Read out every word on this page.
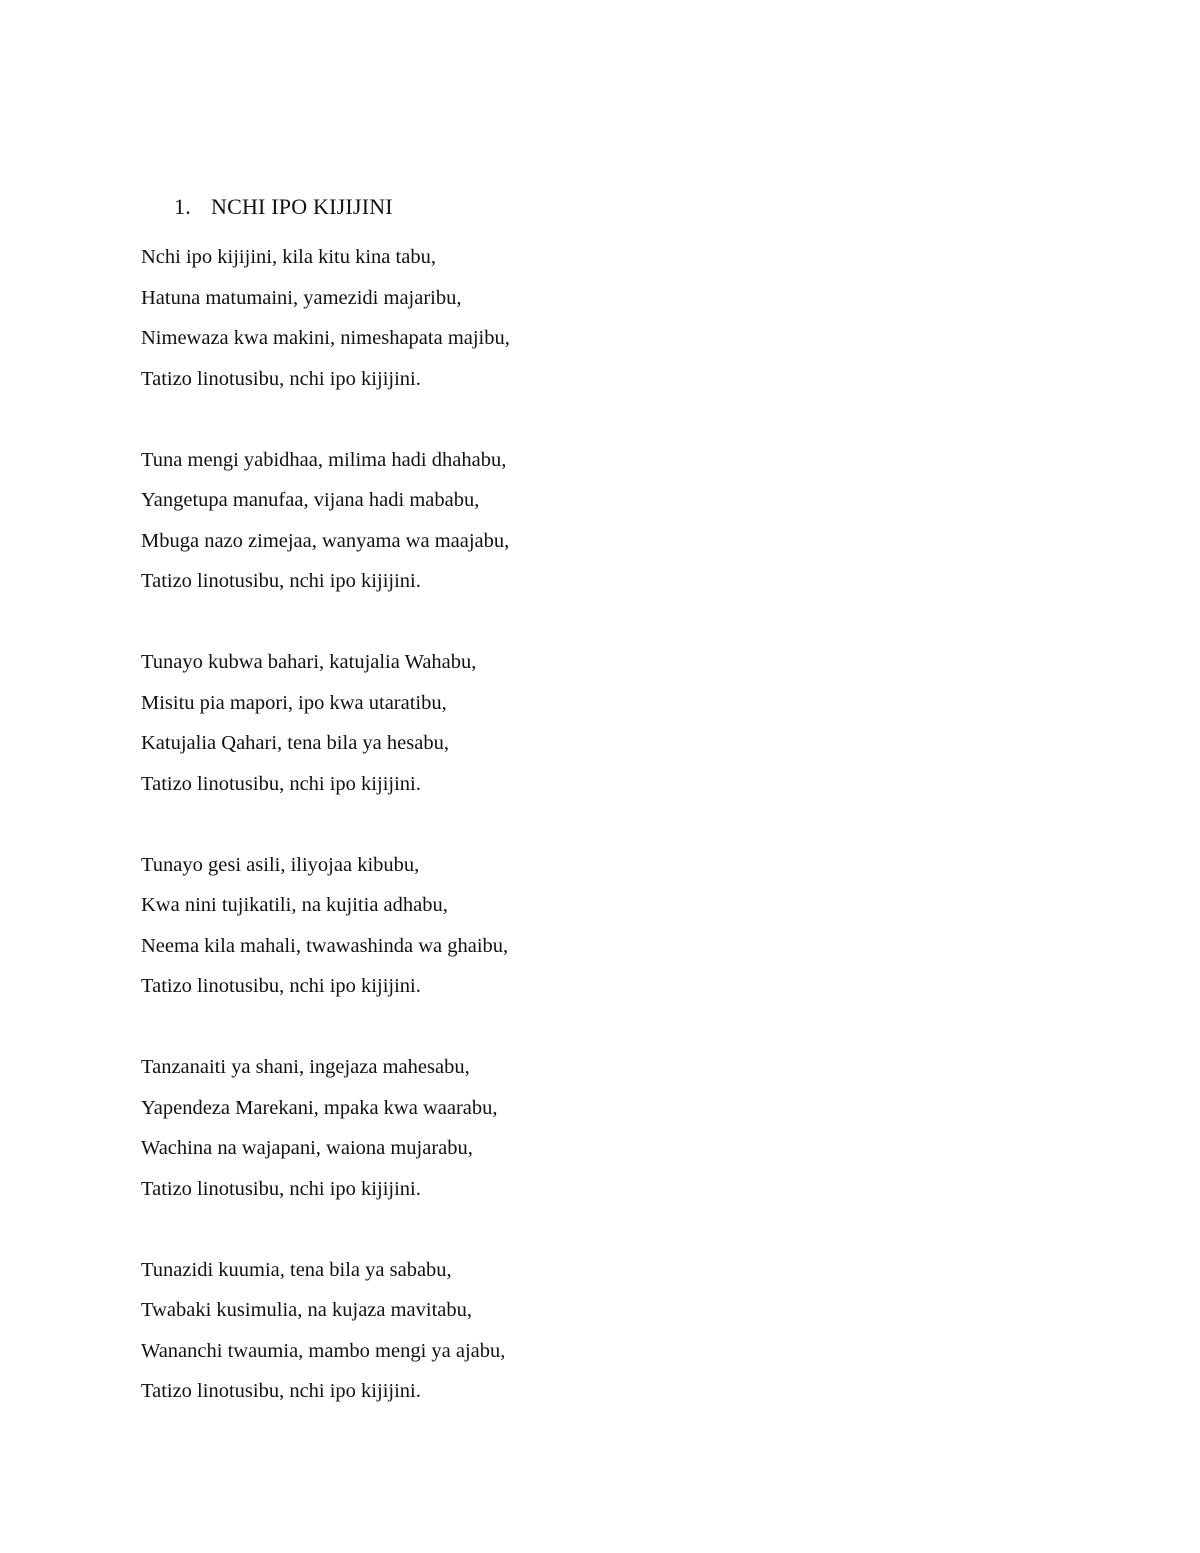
1. NCHI IPO KIJIJINI
Nchi ipo kijijini, kila kitu kina tabu,
Hatuna matumaini, yamezidi majaribu,
Nimewaza kwa makini, nimeshapata majibu,
Tatizo linotusibu, nchi ipo kijijini.
Tuna mengi yabidhaa, milima hadi dhahabu,
Yangetupa manufaa, vijana hadi mababu,
Mbuga nazo zimejaa, wanyama wa maajabu,
Tatizo linotusibu, nchi ipo kijijini.
Tunayo kubwa bahari, katujalia Wahabu,
Misitu pia mapori, ipo kwa utaratibu,
Katujalia Qahari, tena bila ya hesabu,
Tatizo linotusibu, nchi ipo kijijini.
Tunayo gesi asili, iliyojaa kibubu,
Kwa nini tujikatili, na kujitia adhabu,
Neema kila mahali, twawashinda wa ghaibu,
Tatizo linotusibu, nchi ipo kijijini.
Tanzanaiti ya shani, ingejaza mahesabu,
Yapendeza Marekani, mpaka kwa waarabu,
Wachina na wajapani, waiona mujarabu,
Tatizo linotusibu, nchi ipo kijijini.
Tunazidi kuumia, tena bila ya sababu,
Twabaki kusimulia, na kujaza mavitabu,
Wananchi twaumia, mambo mengi ya ajabu,
Tatizo linotusibu, nchi ipo kijijini.
